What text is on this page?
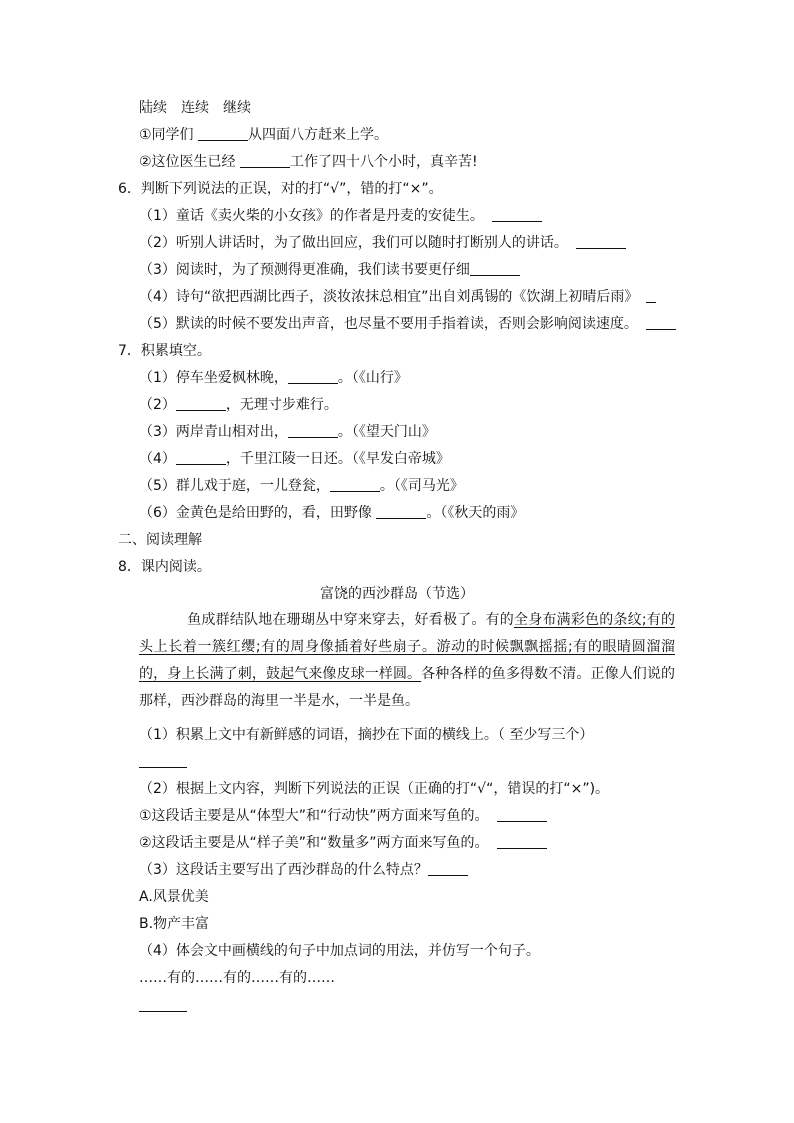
陆续　连续　继续
①同学们	从四面八方赶来上学。
②这位医生已经	工作了四十八个小时，真辛苦!
6．判断下列说法的正误，对的打“√”，错的打“×”。
（1）童话《卖火柴的小女孩》的作者是丹麦的安徒生。
（2）听别人讲话时，为了做出回应，我们可以随时打断别人的讲话。
（3）阅读时，为了预测得更准确，我们读书要更仔细
（4）诗句“欲把西湖比西子，淡妆浓抹总相宜”出自刘禹锡的《饮湖上初晴后雨》
（5）默读的时候不要发出声音，也尽量不要用手指着读，否则会影响阅读速度。
7．积累填空。
（1）停车坐爱枫林晚，	。（《山行》
（2）	，无理寸步难行。
（3）两岸青山相对出，	。（《望天门山》
（4）	，千里江陵一日还。（《早发白帝城》
（5）群儿戏于庭，一儿登瓮，	。（《司马光》
（6）金黄色是给田野的，看，田野像	。（《秋天的雨》
二、阅读理解
8．课内阅读。
富饶的西沙群岛（节选）
鱼成群结队地在珊瑚丛中穿来穿去，好看极了。有的全身布满彩色的条纹;有的头上长着一簇红缨;有的周身像插着好些扇子。游动的时候飘飘摇摇;有的眼睛圆溜溜的，身上长满了刺，鼓起气来像皮球一样圆。各种各样的鱼多得数不清。正像人们说的那样，西沙群岛的海里一半是水，一半是鱼。
（1）积累上文中有新鲜感的词语，摘抄在下面的横线上。（ 至少写三个）
（2）根据上文内容，判断下列说法的正误（正确的打“√“，错误的打“×”)。
①这段话主要是从“体型大”和“行动快”两方面来写鱼的。
②这段话主要是从“样子美”和“数量多”两方面来写鱼的。
（3）这段话主要写出了西沙群岛的什么特点？
A.风景优美
B.物产丰富
（4）体会文中画横线的句子中加点词的用法，并仿写一个句子。
……有的……有的……有的……
